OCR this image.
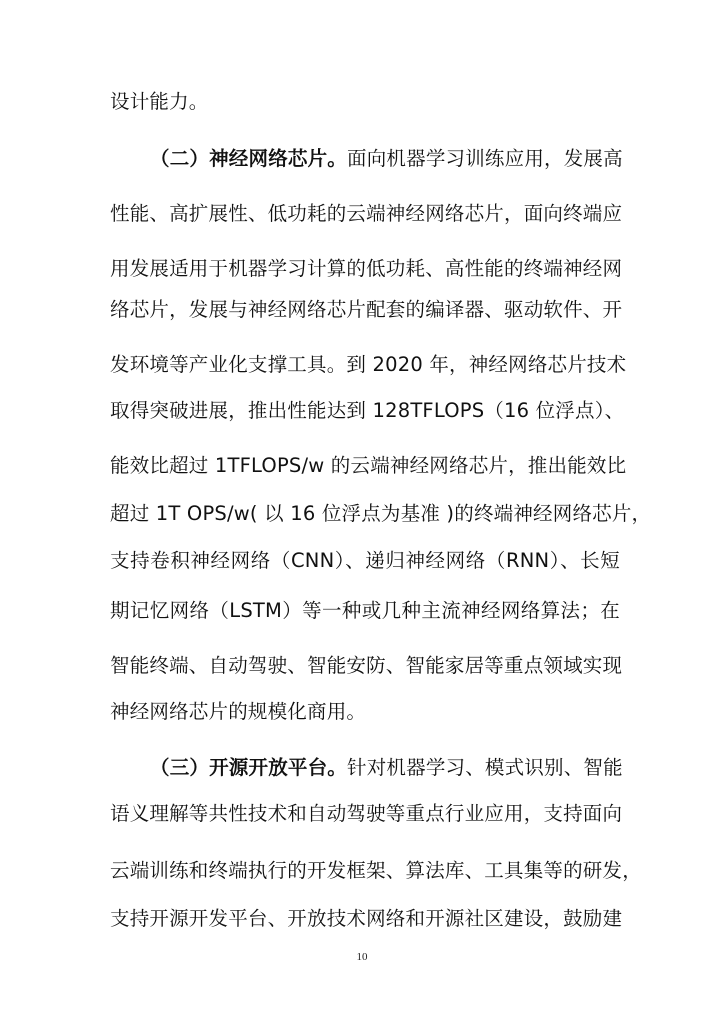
设计能力。
（二）神经网络芯片。面向机器学习训练应用，发展高
性能、高扩展性、低功耗的云端神经网络芯片，面向终端应
用发展适用于机器学习计算的低功耗、高性能的终端神经网
络芯片，发展与神经网络芯片配套的编译器、驱动软件、开
发环境等产业化支撑工具。到 2020 年，神经网络芯片技术
取得突破进展，推出性能达到 128TFLOPS（16 位浮点）、
能效比超过 1TFLOPS/w 的云端神经网络芯片，推出能效比
超过 1T OPS/w( 以 16 位浮点为基准 )的终端神经网络芯片，
支持卷积神经网络（CNN）、递归神经网络（RNN）、长短
期记忆网络（LSTM）等一种或几种主流神经网络算法；在
智能终端、自动驾驶、智能安防、智能家居等重点领域实现
神经网络芯片的规模化商用。
（三）开源开放平台。针对机器学习、模式识别、智能
语义理解等共性技术和自动驾驶等重点行业应用，支持面向
云端训练和终端执行的开发框架、算法库、工具集等的研发，
支持开源开发平台、开放技术网络和开源社区建设，鼓励建
10
